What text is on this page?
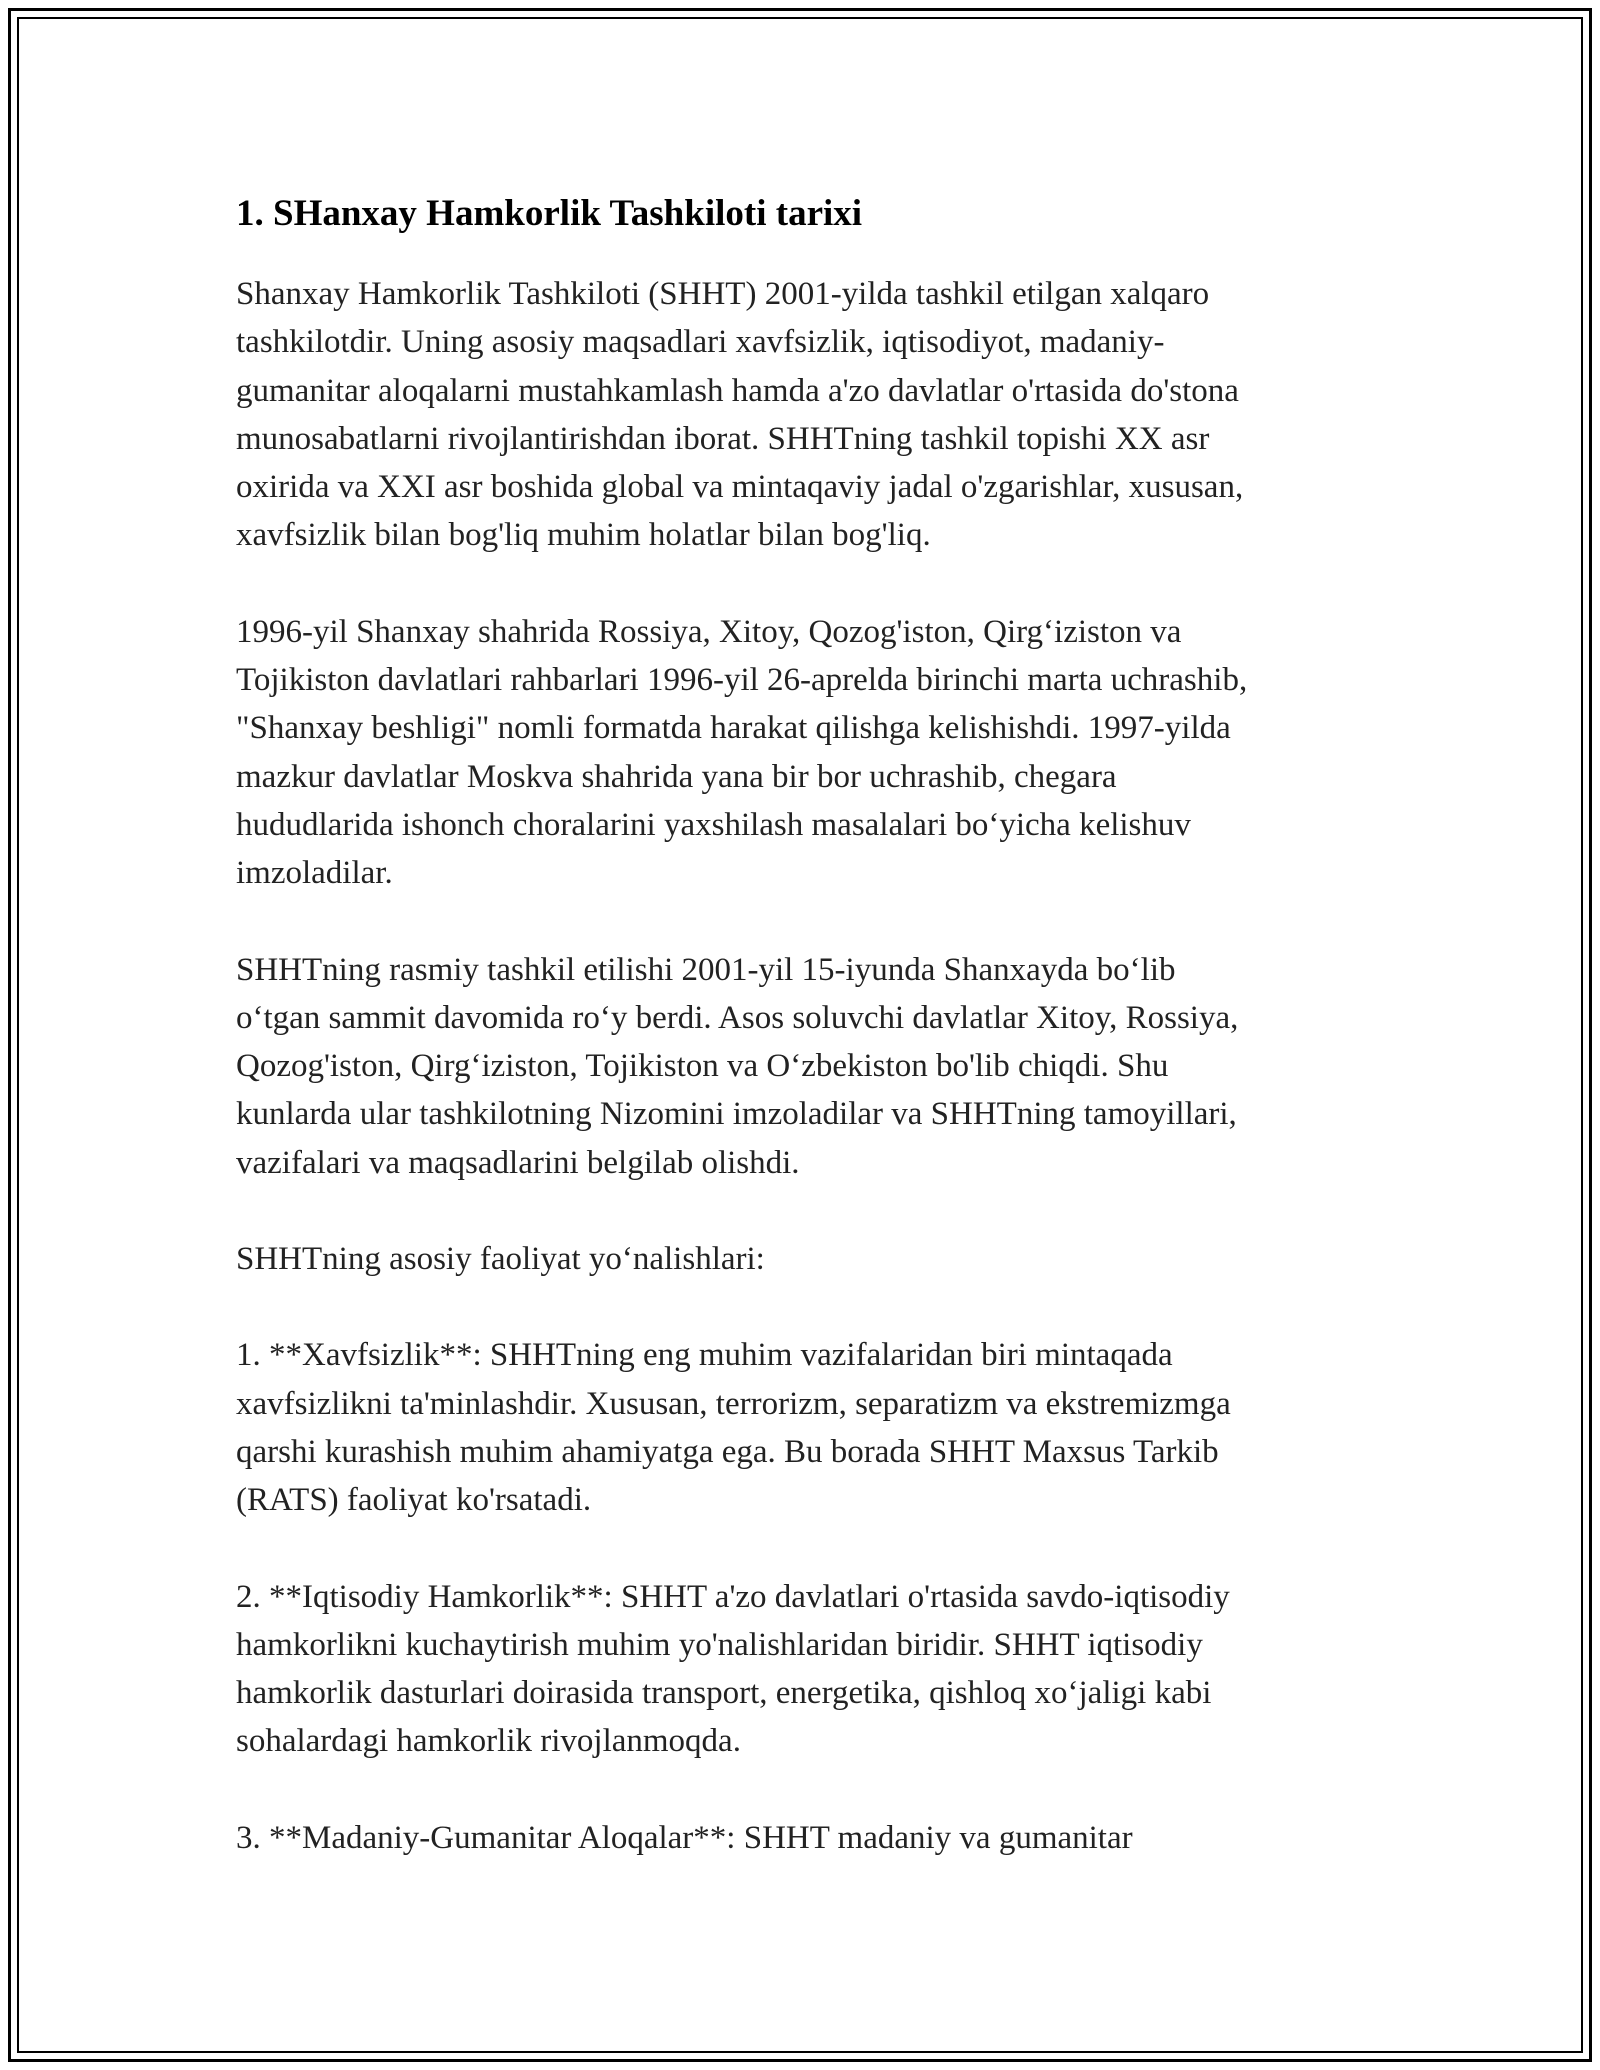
1. SHanxay Hamkorlik Tashkiloti tarixi

Shanxay Hamkorlik Tashkiloti (SHHT) 2001-yilda tashkil etilgan xalqaro
tashkilotdir. Uning asosiy maqsadlari xavfsizlik, iqtisodiyot, madaniy-
gumanitar aloqalarni mustahkamlash hamda a'zo davlatlar o'rtasida do'stona
munosabatlarni rivojlantirishdan iborat. SHHTning tashkil topishi XX asr
oxirida va XXI asr boshida global va mintaqaviy jadal o'zgarishlar, xususan,
xavfsizlik bilan bog'liq muhim holatlar bilan bog'liq.

1996-yil Shanxay shahrida Rossiya, Xitoy, Qozog'iston, Qirg‘iziston va
Tojikiston davlatlari rahbarlari 1996-yil 26-aprelda birinchi marta uchrashib,
"Shanxay beshligi" nomli formatda harakat qilishga kelishishdi. 1997-yilda
mazkur davlatlar Moskva shahrida yana bir bor uchrashib, chegara
hududlarida ishonch choralarini yaxshilash masalalari bo‘yicha kelishuv
imzoladilar.

SHHTning rasmiy tashkil etilishi 2001-yil 15-iyunda Shanxayda bo‘lib
o‘tgan sammit davomida ro‘y berdi. Asos soluvchi davlatlar Xitoy, Rossiya,
Qozog'iston, Qirg‘iziston, Tojikiston va O‘zbekiston bo'lib chiqdi. Shu
kunlarda ular tashkilotning Nizomini imzoladilar va SHHTning tamoyillari,
vazifalari va maqsadlarini belgilab olishdi.

SHHTning asosiy faoliyat yo‘nalishlari:

1. **Xavfsizlik**: SHHTning eng muhim vazifalaridan biri mintaqada
xavfsizlikni ta'minlashdir. Xususan, terrorizm, separatizm va ekstremizmga
qarshi kurashish muhim ahamiyatga ega. Bu borada SHHT Maxsus Tarkib
(RATS) faoliyat ko'rsatadi.

2. **Iqtisodiy Hamkorlik**: SHHT a'zo davlatlari o'rtasida savdo-iqtisodiy
hamkorlikni kuchaytirish muhim yo'nalishlaridan biridir. SHHT iqtisodiy
hamkorlik dasturlari doirasida transport, energetika, qishloq xo‘jaligi kabi
sohalardagi hamkorlik rivojlanmoqda.

3. **Madaniy-Gumanitar Aloqalar**: SHHT madaniy va gumanitar
